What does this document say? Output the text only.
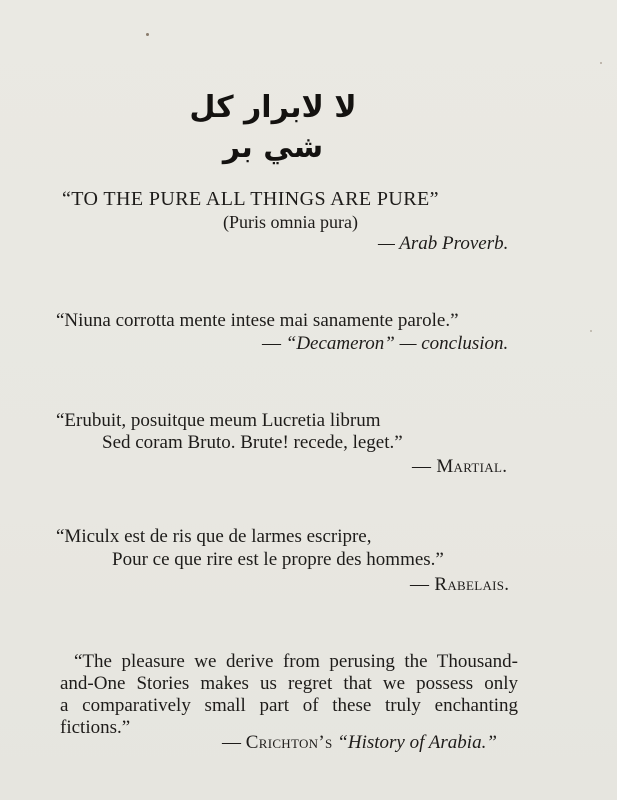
لا لابرار كل شي بر

“TO THE PURE ALL THINGS ARE PURE”

(Puris omnia pura)

— Arab Proverb.

“Niuna corrotta mente intese mai sanamente parole.”

— “Decameron” — conclusion.

“Erubuit, posuitque meum Lucretia librum

Sed coram Bruto. Brute! recede, leget.”

— Martial.

“Miculx est de ris que de larmes escripre,

Pour ce que rire est le propre des hommes.”

— Rabelais.

“The pleasure we derive from perusing the Thousand-

and-One Stories makes us regret that we possess only

a comparatively small part of these truly enchanting

fictions.”

— Crichton’s “History of Arabia.”
